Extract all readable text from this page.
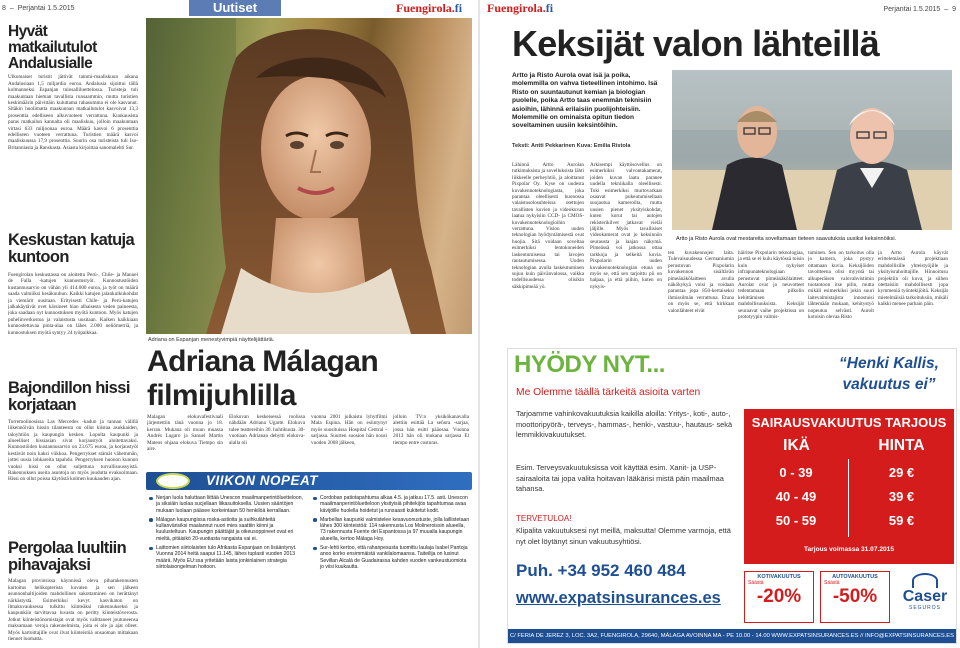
8 – Perjantai 1.5.2015	Uutiset	Fuengirola.fi
Hyvät matkailutulot Andalusialle
Ulkomaiset turistit jättivät tammi-maaliskuun aikana Andalusiaan 1,5 miljardia euroa. Andalusia sijoittui tällä kolmanneksi Espanjan tulosalliluettelossa. Turisteja tuli maakuntaan hieman tavallista runsaammin, mutta turistien keskimäärin päivittäin kuluttama rahasumma ei ole kasvanut. Sitäkin huolimatta maakunnan matkailutulot kasvoivat 13,3 prosenttia edelliseen alkuvuoteen verrattuna. Kuukausista paras matkailun kannalta oli maaliskuu, jolloin maakuntaan virtasi 633 miljoonaa euroa. Määrä kasvoi 6 prosenttia edelliseen vuoteen verrattuna. Turistien määrä kasvoi maaliskuussa 17,9 prosenttia. Suurin osa turisteista tuli Iso-Britanniasta ja Ranskasta. Asiasta kirjoittaa sanomalehti Sur.
Keskustan katuja kuntoon
Fuengirolan keskustassa on aloitettu Perú-, Chile- ja Manuel de Falla -katujen kunnostustyöt. Kunnostustöiden kustannusarvio on vähän yli 414.000 euroa, ja työt on määrä saada valmiiksi kesäkuuhun. Kaikki katujen jalankulkukohdat ja viemärit uusitaan. Erityisesti Chile- ja Perú-katujen jalkakäytävät ovet kärsineet hian alhaisesta veden paineesta, joka saadaan nyt kunnostuksen myötä kuntoon. Myös katujen puhelinverkostoa ja valaistusta uusitaan. Kaiken kaikkiaan kunnostettavaa pinta-alaa on lähes 2.000 neliömetriä, ja kunnostuksen myötä syntyy 24 työpaikkaa.
Bajondillon hissi korjataan
Torremolinosissa Las Mercedes -kadun ja rannan välillä liikennöivän hissin tilanteesta on ollut kiistaa asukkaiden, taloyhtiön ja kaupungin kesken. Lopulta kaupunki ja alueelliset hissiasian sivat korjaustyöt aloitettavaksi. Kunnostöiden kustannusarvio on 23.675 euroa, ja korjaustyöt kestävät noin kaksi viikkoa. Pengerrykset stämät vähemmän, jottei uusia lohkareita tapahdu. Pengerryksen huonon kunnon vuoksi hissi on ollut suljettuna turvallisuussyistä. Rakennuksen useita asuntoja on myös joudutta evakuoimaan. Hissi on ollut poissa käytöstä kolmen kuukauden ajan.
Pergolaa luultiin pihavajaksi
Malagan provinsissa käynnissä oleva piharakennusten kartoitus helikopterista kuvaten ja sen jälkeen asunnonhaltijoiden mahdollinen sakottaminen on herättänyt närkästystä. Esimerkiksi kevyt kasvikaton on ilmakuvauksessa tulkittu kiinteäksi rakennukseksi ja kaupunkiin tarvittavaa luvasta on peritty kiinteistöverosta. Jotkut kiinteistönomistajat ovat myös valittaneet joutuneensa maksamaan veroja rakennelmista, joita ei ole ja ajat olleet. Myös kartoittajille ovat ilvat kiinteistöä onsaoman mittakaan tiennet luomatta.
Adriana on Espanjan menestyvimpiä näyttelijättäriä.
Adriana Málagan filmijuhlilla
Malagan elokuvafestivaali järjestettiin tänä vuonna jo 18. kerran. Mukana oli muun muassa Andrés Lugaro ja Sanuel Martin Mateos ohjaaa elokuva Tiempo sin aire.
Elokuvan keskeisessä roolissa nähdään Adriana Ugarte. Elokuva tulee teattereihin 30. huhtikuuta. 30-vuotiaan Adrianan debytti elokuva-alalla oli
vuonna 2001 julkaistu lyhytfilmi Mala Espina. Hän on esiintynyt myös suosituissa Hospital Central -sarjassa. Suurten suosion hän nousi vuoden 2008 jälkeen,
jolloin TV:n yksikökanavalla alettiin esittää La señora -sarjaa, jossa hän esitti pääosaa. Vuonna 2013 hän oli mukana sarjassa El tiempo entre costuras.
VIIKON NOPEAT

Nerjan luola haluttaan liittää Unescon maailmanperintöluetteloon, ja siksiäin luolaa sucjellaan liikasuitoksella. Uusien sääntöjen mukaan luolaan pääsee korkeintaan 50 henkilöä kerrallaan.

Málagan kaupungissa roska-astioita ja suihkulähteitä kullanvärisiksi maalannut nuori mies saattiin kiinni ja kuulusteltuun. Kaupungin päättäjät ja oikeusoppineet ovat eri mieltä, pitäisikö 20-vuotiasta rangaista vai ei.

Laittomien siirtolaisten tulo Afrikasta Espanjaan on lisääntynyt. Vuonna 2014 heitä saapui 11.145, lähes tuplasti vuoden 2013 määrä. Myös EU:ssa yritetään laista jonkinlainen strategia siirtolaisongelman hoitoon.

Cordoban patiotapahtuma alkaa 4.5. ja jatkuu 17.5. asti. Unescon maailmanperintöluetteloon yksityisiä pihitekijös tapahtumaa avaa kävijöille huolella hoidetut ja runsaasti kukitetut kodit.

Marbellan kaupunki valmistelee kesavuonustuste, jolla laillistetaan lähes 300 kiinteistöä: 114 rakennusta Los Molineroissin alueella, 73 rakennusta Fuente del Espantossa ja 97 muualla kaupungin alueella, kertoo Málaga Hoy.

Sur-lehti kertoo, että rahanpesusta tuomittu laulaja Isabel Pantoja anoo korko ensimmäistä vankilalomaansa. Taiteilija on lusinut Sevillan Alcalá de Guadairassa kahden vuoden vankeustuomiota jo viisi kuukautta.

Fuengirola.fi	Perjantai 1.5.2015 – 9
Keksijät valon lähteillä
Artto ja Risto Aurola ovat isä ja poika, molemmilla on vahva tieteellinen intohimo. Isä Risto on suuntautunut kemian ja biologian puolelle, poika Artto taas enemmän teknisiin asioihin, lähinnä erilaisiin puolijohteisiin. Molemmille on ominaista opitun tiedon soveltaminen uusiin keksintöihin.
Teksti: Antti Pekkarinen Kuva: Emilia Ristola
Artto ja Risto Aurola ovat mestareita soveltamaan tieteen saavutuksia uusiksi keksinnöiksi.
Lähinnä Artto Aurolan tutkimuksista ja sovelluksista lähti liikkeelle perheyhtiö, ja aloittanut Pixpolar Oy. Kyse on uudesta kuvakennoteknologiasta, joka parantaa oleellisesti huonossa valaistusolosuhteissa otettujen tavallisten kuvien ja videokuvan laatua nykyisiin CCD- ja CMOS-kuvakennoteknologioihin verrattuna. Vision uuden teknologian hyödyntämisestä ovat huojia. Sitä voidaan soveltaa esimerkiksi lentokoneiden laskeutumisessa tai lavojen rantautumisessa. Uuden teknologian avulla laskeutuminen sujuu kuin päivänvalossa, vaikka todellisuudessa olisikin säkkipimeää yö.
Arkisempi käyttösovellus on esimerkiksi valvontakamerat, joiden kuvan laatu paranee uudella tekniikalla oleellisesti. Toki esimerkiksi murtovarkaat osaavat pukeutumisellaan suojautua kameroilta, mutta uusien pienet yksityiskohdat, kuten korut tai autojen rekisterikilvet jatkavat vieläi jäljille. Myös tavallisiset videokamerat ovat jo keksinnön seurausta ja laajan näkymä. Pimeässä voi jatkossa ottaa tarkkoja ja selkeitä kuvia. Pixpolarin uuden kuvakennoteknologian etuna on myös se, että sen tarjoittu pii on halpaa, ja että piihin, kuten on nykyis-
ten kuvakennojen laita. Tulevaisuudessa Germaniumin perustuvan Pixpolarin kuvakennon sisältävän pimeänäkölaitteen avulla näkökykyä voisi ja voidaan parantaa jopa 850-kertaiseksi ihmissilmän verrattuna. Etuna on myös se, että kirkkaat valonlähteet eivät
häiritse Pixpolarin teknologiaa, ja että se ei kulu käytössä toisin kuin nykyiset infrapunateknologiaan perustuvat pimeänäkölaitteet. Aurolat ovat jo neuvotteet tedentamaan pilkolin kehittämisen mahdollisuuksista. Keksijät seuraavat vaihe projektissa on prototyypin valmis-
tuminen. Sen on tarkoitus olla jo kamera, joka pystyy ottamaan kuvia. Keksijöiden tavoitteena olisi myyntä tai alkuperäisen valovahvistimin tuotantoon itse pilin, mutta mikäli esimerkiksi jokin suuri laitevalmistajista innostuisi lähtemään mukaan, kehitystyö nopeutuu selvästi. Aurolt kotoisin olevaa Risto
ja Artto Aurola käyvät erittelemässä projektiaan mahdollisille yhteistyöjille ja yksityisrahoittajille. Hinnoitusu projektiin oli kuva, ja siihen otettaisiin mahdollisesti jopa kymmeniä työntekijöitä. Keksijät mietelmäisiä tarkoituksiin, mikäli kaikki menee parhain päin.
HYÖDY NYT...	“Henki Kallis, vakuutus ei”
Me Olemme täällä tärkeitä asioita varten
Tarjoamme vahinkovakuutuksia kaikilla aloilla: Yritys-, koti-, auto-, moottoripyörä-, terveys-, hammas-, henki-, vastuu-, hautaus- sekä lemmikkivakuutukset.
Esim. Terveysvakuutuksissa voit käyttää esim. Xanit- ja USP-sairaaloita tai jopa valita hoitavan lääkärisi mistä päin maailmaa tahansa.
TERVETULOA!
Klipalita vakuutuksesi nyt meillä, maksutta! Olemme varmoja, että nyt olet löytänyt sinun vakuutusyhtiösi.
Puh. +34 952 460 484
www.expatsinsurances.es
SAIRAUSVAKUUTUS TARJOUS
IKÄ	HINTA
0 - 39	29 €
40 - 49	39 €
50 - 59	59 €
Tarjous voimassa 31.07.2015
KOTIVAKUUTUS
Säästä
-20%
AUTOVAKUUTUS
Säästä
-50%	Caser
SEGUROS
C/ FERIA DE JEREZ 3, LOC. 3A2, FUENGIROLA, 29640, MÁLAGA AVOINNA MA - PE 10.00 - 14.00 WWW.EXPATSINSURANCES.ES // INFO@EXPATSINSURANCES.ES
